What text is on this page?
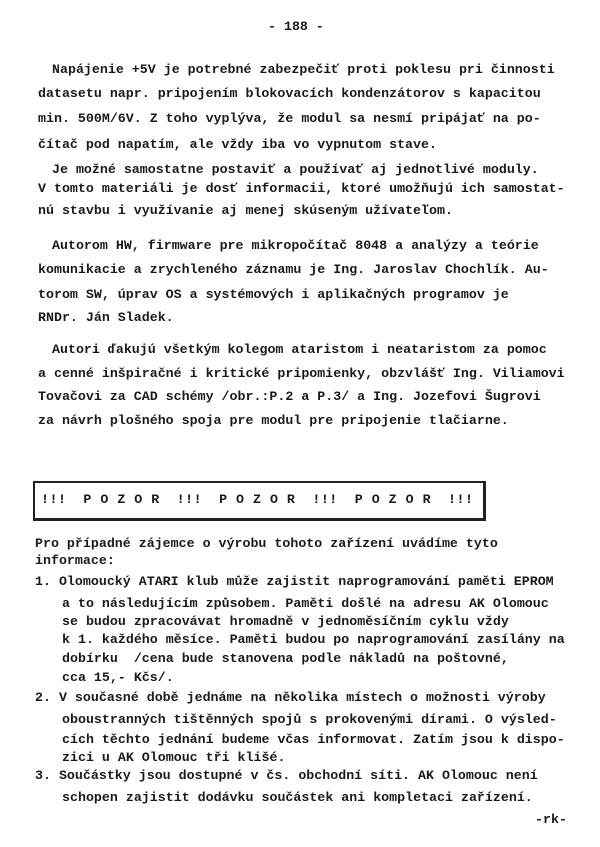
- 188 -
Napájenie +5V je potrebné zabezpečiť proti poklesu pri činnosti
datasetu napr. pripojením blokovacích kondenzátorov s kapacitou
min. 500M/6V. Z toho vyplýva, že modul sa nesmí pripájať na po-
čítač pod napatím, ale vždy iba vo vypnutom stave.
Je možné samostatne postaviť a používať aj jednotlivé moduly.
V tomto materiáli je dosť informacii, ktoré umožňujú ich samostat-
nú stavbu i využívanie aj menej skúseným užívateľom.
Autorom HW, firmware pre mikropočítač 8048 a analýzy a teórie
komunikacie a zrychleného záznamu je Ing. Jaroslav Chochlík. Au-
torom SW, úprav OS a systémových i aplikačných programov je
RNDr. Ján Sladek.
Autori ďakujú všetkým kolegom ataristom i neataristom za pomoc
a cenné inšpiračné i kritické pripomienky, obzvlášť Ing. Viliamovi
Tovačovi za CAD schémy /obr.:P.2 a P.3/ a Ing. Jozefovi Šugrovi
za návrh plošného spoja pre modul pre pripojenie tlačiarne.
!!!  P O Z O R  !!!  P O Z O R  !!!  P O Z O R  !!!
Pro případné zájemce o výrobu tohoto zařízení uvádíme tyto
informace:
1. Olomoucký ATARI klub může zajistit naprogramování paměti EPROM
a to následujícím způsobem. Paměti došlé na adresu AK Olomouc
se budou zpracovávat hromadně v jednoměsíčním cyklu vždy
k 1. každého měsíce. Paměti budou po naprogramování zasílány na
dobírku  /cena bude stanovena podle nákladů na poštovné,
cca 15,- Kčs/.
2. V současné době jednáme na několika místech o možnosti výroby
oboustranných tištěnných spojů s prokovenými dírami. O výsled-
cích těchto jednání budeme včas informovat. Zatím jsou k dispo-
zici u AK Olomouc tři klišé.
3. Součástky jsou dostupné v čs. obchodní síti. AK Olomouc není
schopen zajistit dodávku součástek ani kompletaci zařízení.
-rk-
